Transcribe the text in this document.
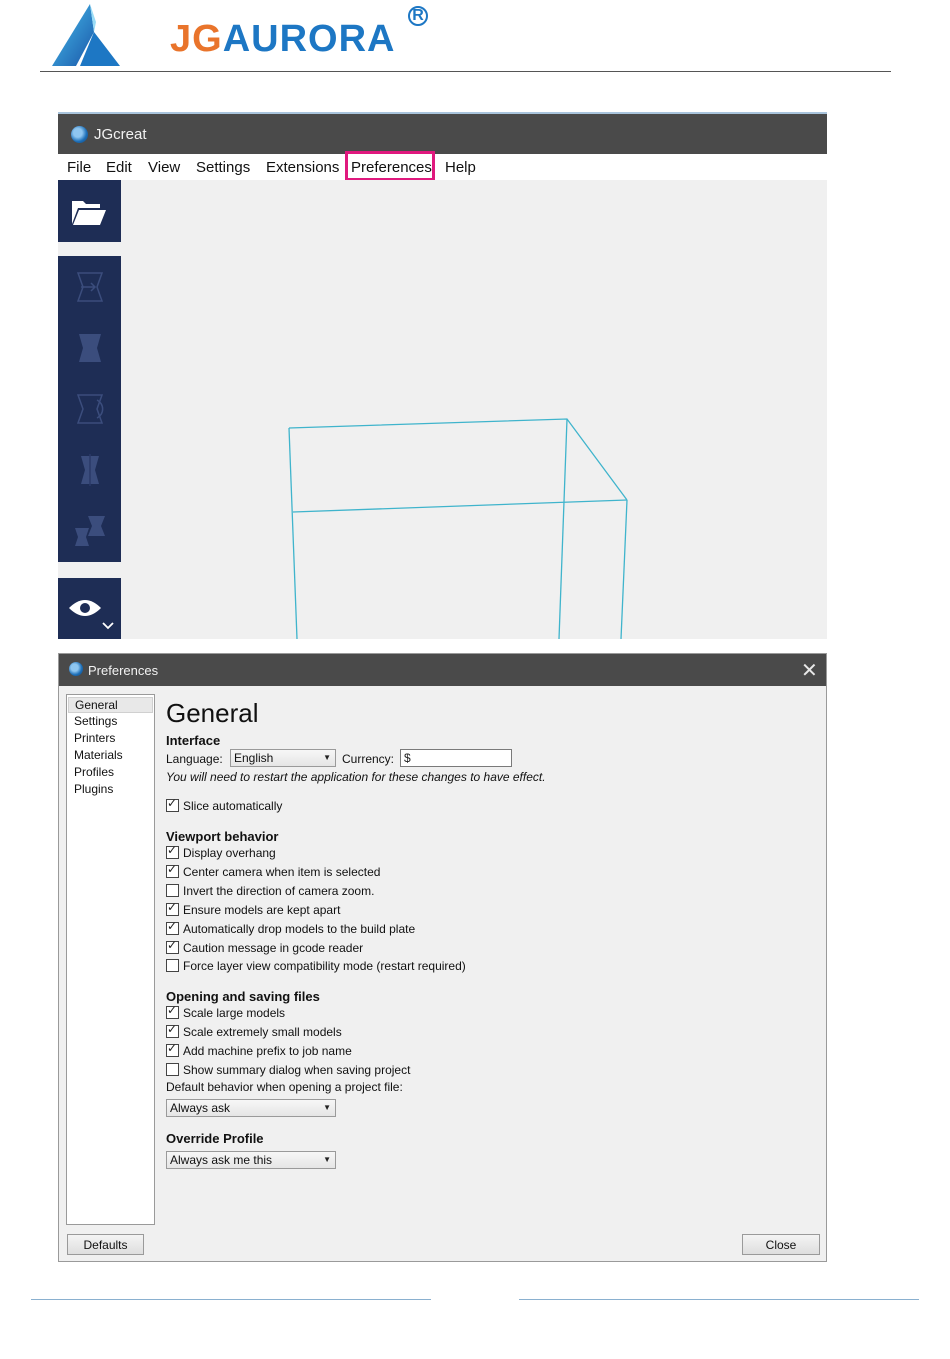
JGAURORA
R
JGcreat
File Edit View Settings Extensions Preferences Help
Preferences	✕
General
Settings
Printers
Materials
Profiles
Plugins
General
Interface
Language: English	▼ Currency: $
You will need to restart the application for these changes to have effect.
✓Slice automatically
Viewport behavior
✓Display overhang
✓Center camera when item is selected
Invert the direction of camera zoom.
✓Ensure models are kept apart
✓Automatically drop models to the build plate
✓Caution message in gcode reader
Force layer view compatibility mode (restart required)
Opening and saving files
✓Scale large models
✓Scale extremely small models
✓Add machine prefix to job name
Show summary dialog when saving project
Default behavior when opening a project file:
Always ask	▼
Override Profile
Always ask me this	▼
Defaults	Close
